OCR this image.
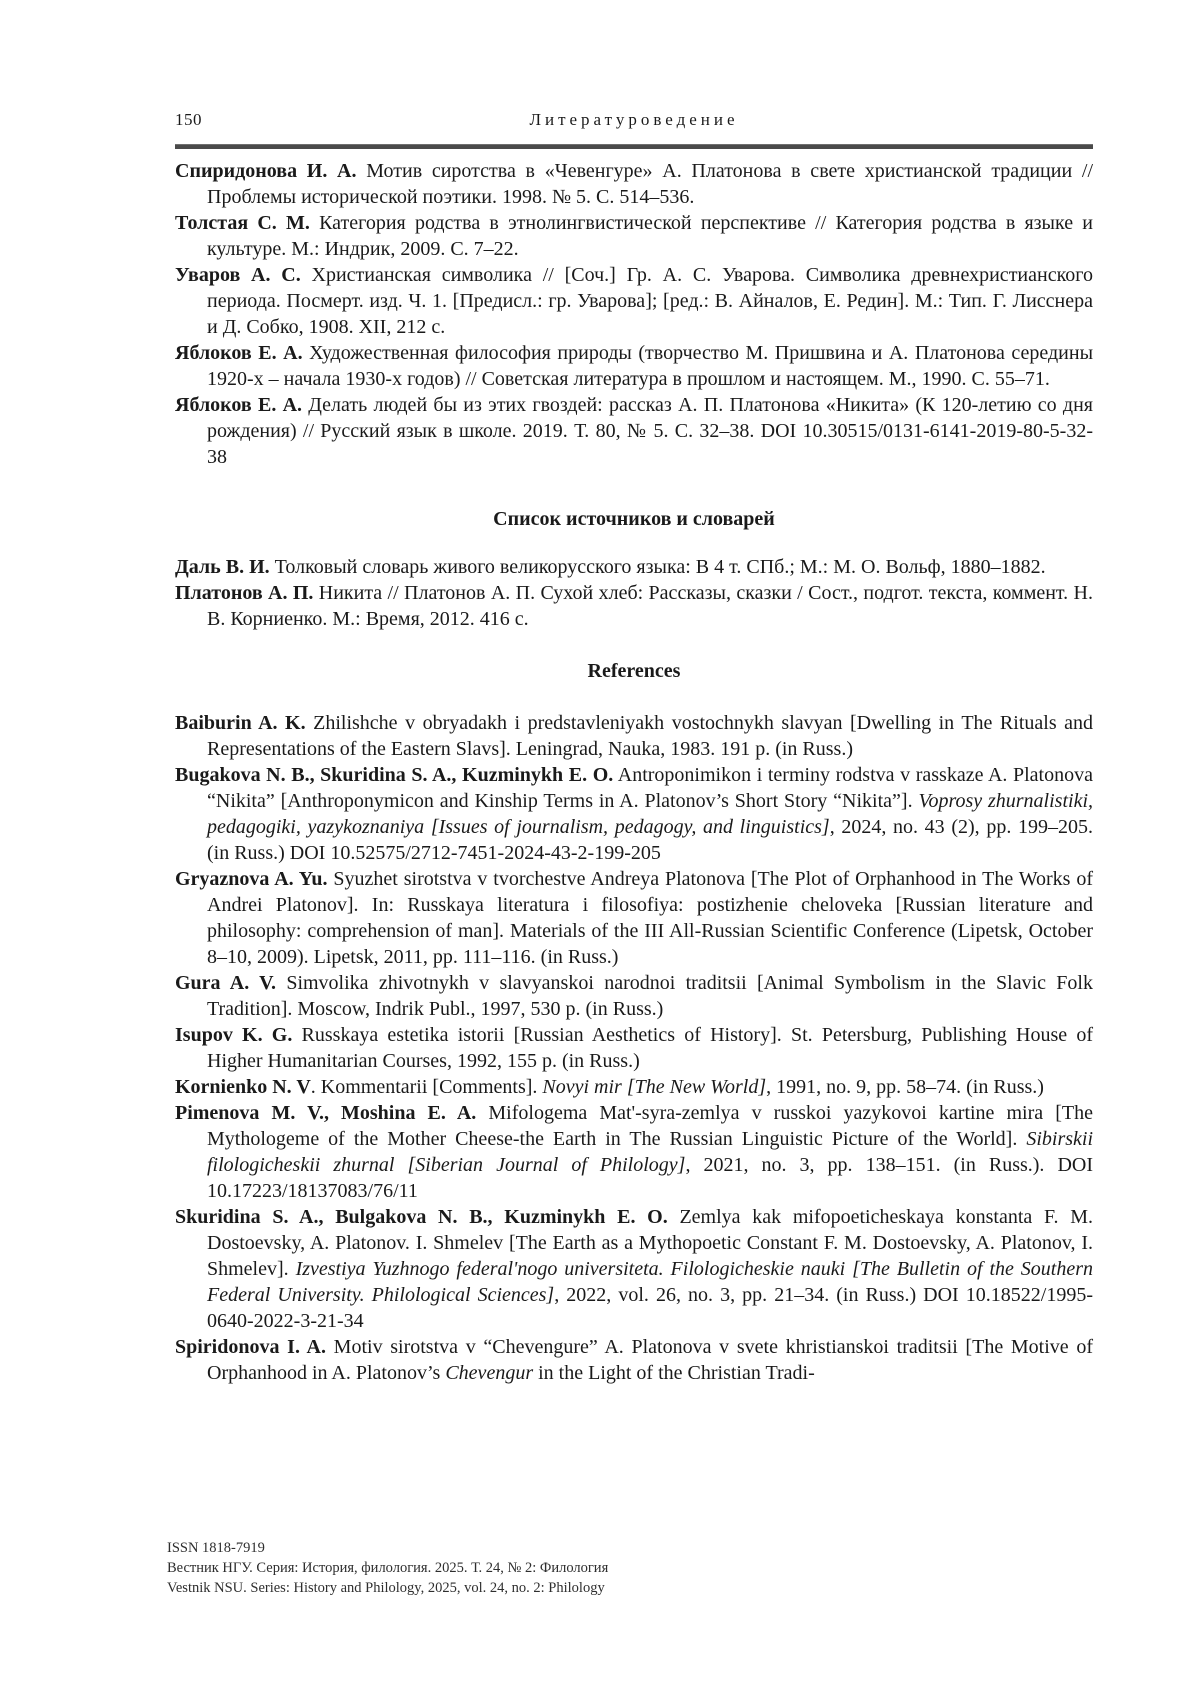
150	Литературоведение

Спиридонова И. А. Мотив сиротства в «Чевенгуре» А. Платонова в свете христианской традиции // Проблемы исторической поэтики. 1998. № 5. С. 514–536.

Толстая С. М. Категория родства в этнолингвистической перспективе // Категория родства в языке и культуре. М.: Индрик, 2009. С. 7–22.

Уваров А. С. Христианская символика // [Соч.] Гр. А. С. Уварова. Символика древнехристианского периода. Посмерт. изд. Ч. 1. [Предисл.: гр. Уварова]; [ред.: В. Айналов, Е. Редин]. М.: Тип. Г. Лисснера и Д. Собко, 1908. XII, 212 с.

Яблоков Е. А. Художественная философия природы (творчество М. Пришвина и А. Платонова середины 1920-х – начала 1930-х годов) // Советская литература в прошлом и настоящем. М., 1990. С. 55–71.

Яблоков Е. А. Делать людей бы из этих гвоздей: рассказ А. П. Платонова «Никита» (К 120-летию со дня рождения) // Русский язык в школе. 2019. Т. 80, № 5. С. 32–38. DOI 10.30515/0131-6141-2019-80-5-32-38

Список источников и словарей

Даль В. И. Толковый словарь живого великорусского языка: В 4 т. СПб.; М.: М. О. Вольф, 1880–1882.

Платонов А. П. Никита // Платонов А. П. Сухой хлеб: Рассказы, сказки / Сост., подгот. текста, коммент. Н. В. Корниенко. М.: Время, 2012. 416 с.

References

Baiburin A. K. Zhilishche v obryadakh i predstavleniyakh vostochnykh slavyan [Dwelling in The Rituals and Representations of the Eastern Slavs]. Leningrad, Nauka, 1983. 191 p. (in Russ.)

Bugakova N. B., Skuridina S. A., Kuzminykh E. O. Antroponimikon i terminy rodstva v rasskaze A. Platonova “Nikita” [Anthroponymicon and Kinship Terms in A. Platonov’s Short Story “Nikita”]. Voprosy zhurnalistiki, pedagogiki, yazykoznaniya [Issues of journalism, pedagogy, and linguistics], 2024, no. 43 (2), pp. 199–205. (in Russ.) DOI 10.52575/2712-7451-2024-43-2-199-205

Gryaznova A. Yu. Syuzhet sirotstva v tvorchestve Andreya Platonova [The Plot of Orphanhood in The Works of Andrei Platonov]. In: Russkaya literatura i filosofiya: postizhenie cheloveka [Russian literature and philosophy: comprehension of man]. Materials of the III All-Russian Scientific Conference (Lipetsk, October 8–10, 2009). Lipetsk, 2011, pp. 111–116. (in Russ.)

Gura A. V. Simvolika zhivotnykh v slavyanskoi narodnoi traditsii [Animal Symbolism in the Slavic Folk Tradition]. Moscow, Indrik Publ., 1997, 530 p. (in Russ.)

Isupov K. G. Russkaya estetika istorii [Russian Aesthetics of History]. St. Petersburg, Publishing House of Higher Humanitarian Courses, 1992, 155 p. (in Russ.)

Kornienko N. V. Kommentarii [Comments]. Novyi mir [The New World], 1991, no. 9, pp. 58–74. (in Russ.)

Pimenova M. V., Moshina E. A. Mifologema Mat'-syra-zemlya v russkoi yazykovoi kartine mira [The Mythologeme of the Mother Cheese-the Earth in The Russian Linguistic Picture of the World]. Sibirskii filologicheskii zhurnal [Siberian Journal of Philology], 2021, no. 3, pp. 138–151. (in Russ.). DOI 10.17223/18137083/76/11

Skuridina S. A., Bulgakova N. B., Kuzminykh E. O. Zemlya kak mifopoeticheskaya konstanta F. M. Dostoevsky, A. Platonov. I. Shmelev [The Earth as a Mythopoetic Constant F. M. Dostoevsky, A. Platonov, I. Shmelev]. Izvestiya Yuzhnogo federal'nogo universiteta. Filologicheskie nauki [The Bulletin of the Southern Federal University. Philological Sciences], 2022, vol. 26, no. 3, pp. 21–34. (in Russ.) DOI 10.18522/1995-0640-2022-3-21-34

Spiridonova I. A. Motiv sirotstva v “Chevengure” A. Platonova v svete khristianskoi traditsii [The Motive of Orphanhood in A. Platonov’s Chevengur in the Light of the Christian Tradi-

ISSN 1818-7919
Вестник НГУ. Серия: История, филология. 2025. Т. 24, № 2: Филология
Vestnik NSU. Series: History and Philology, 2025, vol. 24, no. 2: Philology
